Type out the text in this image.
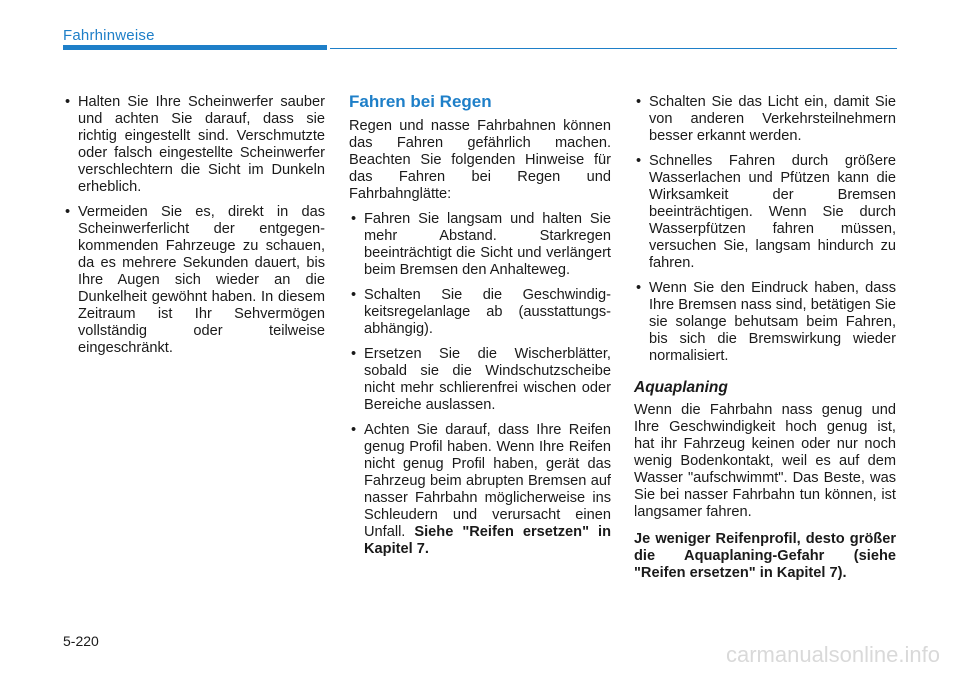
Fahrhinweise
• Halten Sie Ihre Scheinwerfer sauber und achten Sie darauf, dass sie richtig eingestellt sind. Verschmutzte oder falsch eingestellte Scheinwerfer verschlechtern die Sicht im Dunkeln erheblich.
• Vermeiden Sie es, direkt in das Scheinwerferlicht der entgegenkommenden Fahrzeuge zu schauen, da es mehrere Sekunden dauert, bis Ihre Augen sich wieder an die Dunkelheit gewöhnt haben. In diesem Zeitraum ist Ihr Sehvermögen vollständig oder teilweise eingeschränkt.
Fahren bei Regen

Regen und nasse Fahrbahnen können das Fahren gefährlich machen. Beachten Sie folgenden Hinweise für das Fahren bei Regen und Fahrbahnglätte:

• Fahren Sie langsam und halten Sie mehr Abstand. Starkregen beeinträchtigt die Sicht und verlängert beim Bremsen den Anhalteweg.
• Schalten Sie die Geschwindigkeitsregelanlage ab (ausstattungsabhängig).
• Ersetzen Sie die Wischerblätter, sobald sie die Windschutzscheibe nicht mehr schlierenfrei wischen oder Bereiche auslassen.
• Achten Sie darauf, dass Ihre Reifen genug Profil haben. Wenn Ihre Reifen nicht genug Profil haben, gerät das Fahrzeug beim abrupten Bremsen auf nasser Fahrbahn möglicherweise ins Schleudern und verursacht einen Unfall. Siehe "Reifen ersetzen" in Kapitel 7.
• Schalten Sie das Licht ein, damit Sie von anderen Verkehrsteilnehmern besser erkannt werden.
• Schnelles Fahren durch größere Wasserlachen und Pfützen kann die Wirksamkeit der Bremsen beeinträchtigen. Wenn Sie durch Wasserpfützen fahren müssen, versuchen Sie, langsam hindurch zu fahren.
• Wenn Sie den Eindruck haben, dass Ihre Bremsen nass sind, betätigen Sie sie solange behutsam beim Fahren, bis sich die Bremswirkung wieder normalisiert.
Aquaplaning

Wenn die Fahrbahn nass genug und Ihre Geschwindigkeit hoch genug ist, hat ihr Fahrzeug keinen oder nur noch wenig Bodenkontakt, weil es auf dem Wasser "aufschwimmt". Das Beste, was Sie bei nasser Fahrbahn tun können, ist langsamer fahren.

Je weniger Reifenprofil, desto größer die Aquaplaning-Gefahr (siehe "Reifen ersetzen" in Kapitel 7).

5-220
carmanualsonline.info
